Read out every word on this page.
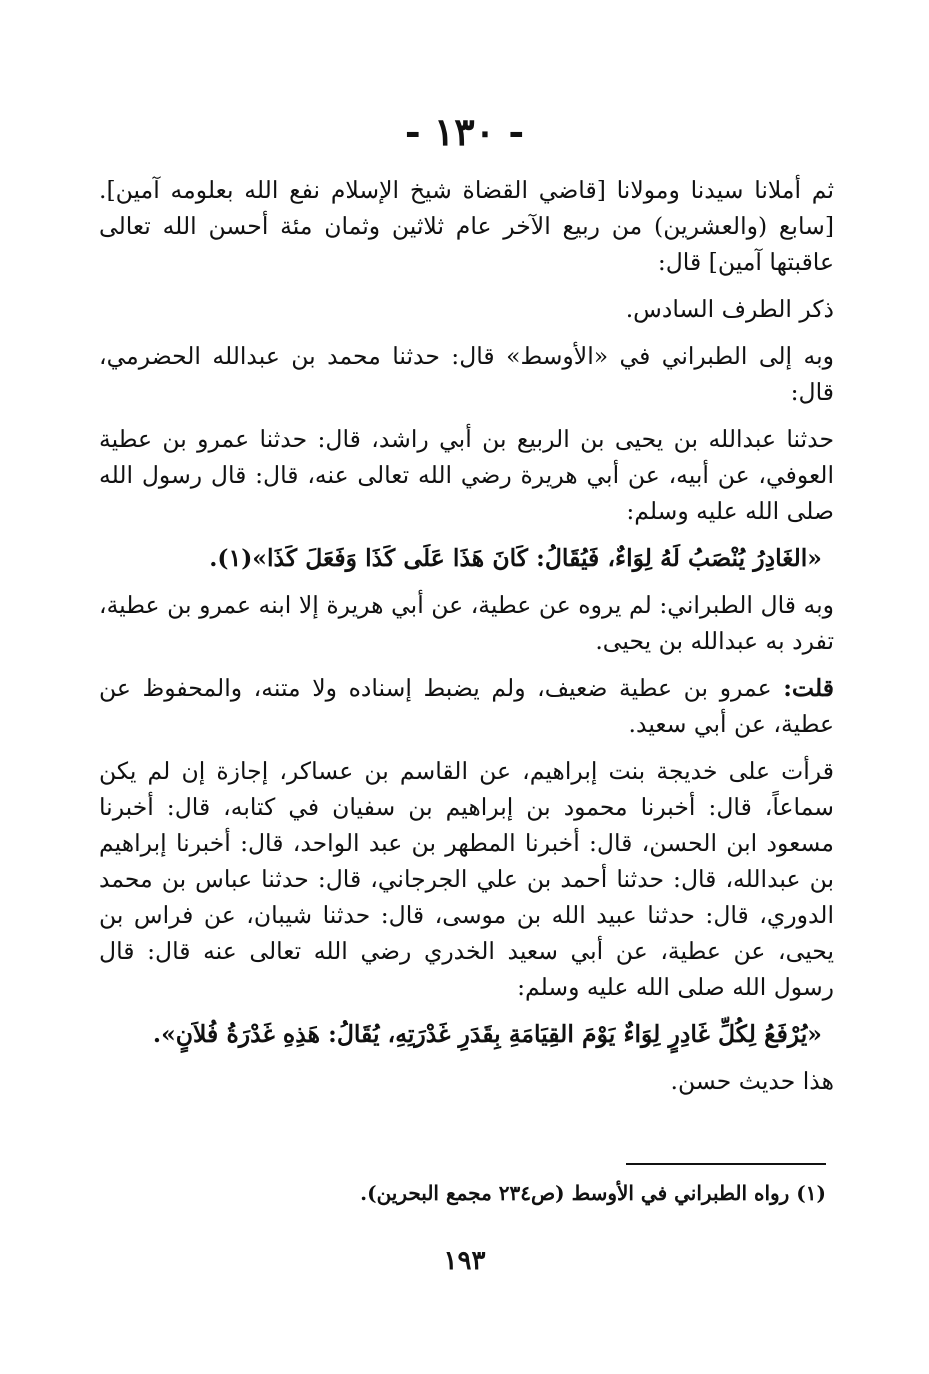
- ١٣٠ -

ثم أملانا سيدنا ومولانا [قاضي القضاة شيخ الإسلام نفع الله بعلومه آمين]. [سابع (والعشرين) من ربيع الآخر عام ثلاثين وثمان مئة أحسن الله تعالى عاقبتها آمين] قال:

ذكر الطرف السادس.

وبه إلى الطبراني في «الأوسط» قال: حدثنا محمد بن عبدالله الحضرمي، قال:

حدثنا عبدالله بن يحيى بن الربيع بن أبي راشد، قال: حدثنا عمرو بن عطية العوفي، عن أبيه، عن أبي هريرة رضي الله تعالى عنه، قال: قال رسول الله صلى الله عليه وسلم:

«الغَادِرُ يُنْصَبُ لَهُ لِوَاءٌ، فَيُقَالُ: كَانَ هَذَا عَلَى كَذَا وَفَعَلَ كَذَا»(١).

وبه قال الطبراني: لم يروه عن عطية، عن أبي هريرة إلا ابنه عمرو بن عطية، تفرد به عبدالله بن يحيى.

قلت: عمرو بن عطية ضعيف، ولم يضبط إسناده ولا متنه، والمحفوظ عن عطية، عن أبي سعيد.

قرأت على خديجة بنت إبراهيم، عن القاسم بن عساكر، إجازة إن لم يكن سماعاً، قال: أخبرنا محمود بن إبراهيم بن سفيان في كتابه، قال: أخبرنا مسعود ابن الحسن، قال: أخبرنا المطهر بن عبد الواحد، قال: أخبرنا إبراهيم بن عبدالله، قال: حدثنا أحمد بن علي الجرجاني، قال: حدثنا عباس بن محمد الدوري، قال: حدثنا عبيد الله بن موسى، قال: حدثنا شيبان، عن فراس بن يحيى، عن عطية، عن أبي سعيد الخدري رضي الله تعالى عنه قال: قال رسول الله صلى الله عليه وسلم:

«يُرْفَعُ لِكُلِّ غَادِرٍ لِوَاءٌ يَوْمَ القِيَامَةِ بِقَدَرِ غَدْرَتِهِ، يُقَالُ: هَذِهِ غَدْرَةُ فُلاَنٍ».

هذا حديث حسن.

(١) رواه الطبراني في الأوسط (ص٢٣٤ مجمع البحرين).
١٩٣
